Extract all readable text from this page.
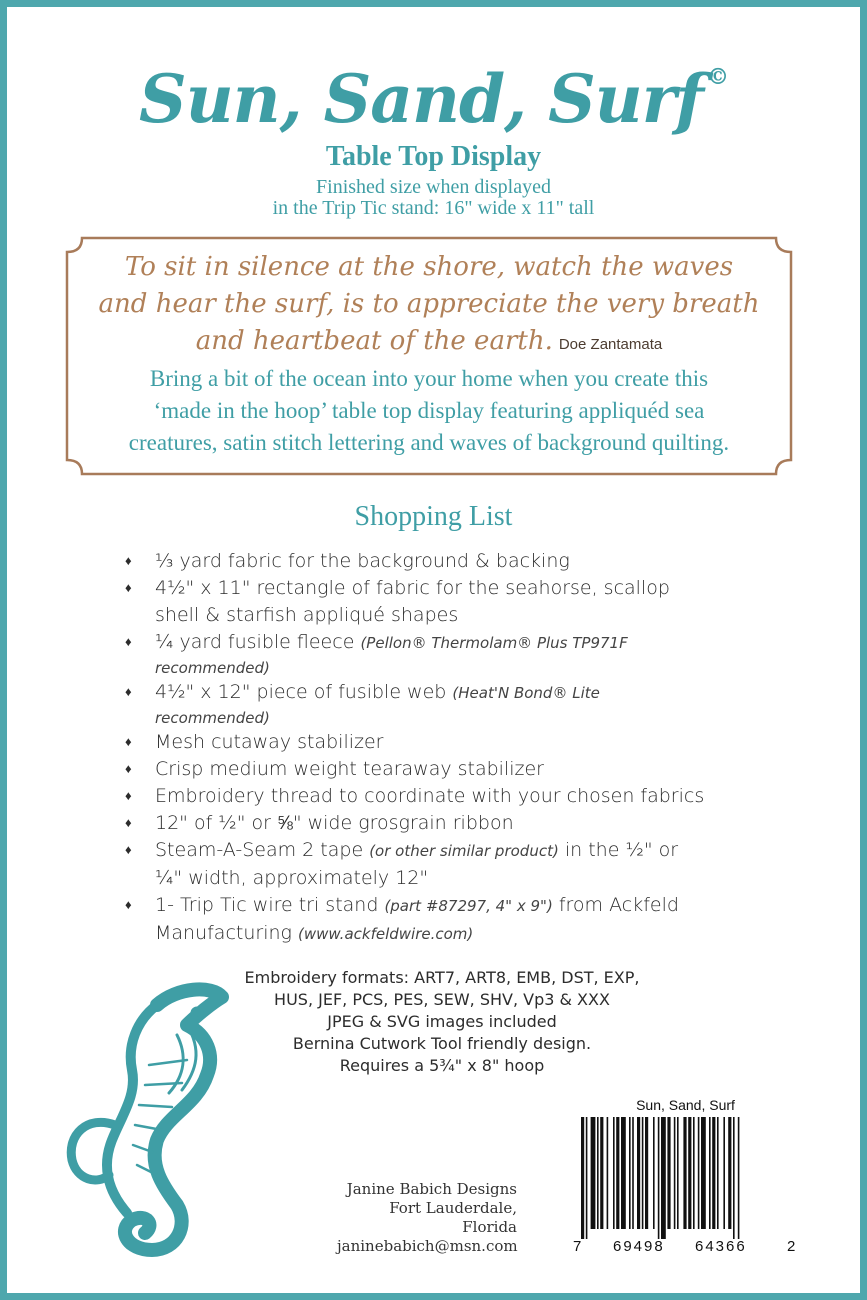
Sun, Sand, Surf ©
Table Top Display
Finished size when displayed
in the Trip Tic stand: 16" wide x 11" tall
To sit in silence at the shore, watch the waves
and hear the surf, is to appreciate the very breath
and heartbeat of the earth. Doe Zantamata
Bring a bit of the ocean into your home when you create this
‘made in the hoop’ table top display featuring appliquéd sea
creatures, satin stitch lettering and waves of background quilting.
Shopping List
♦ ⅓ yard fabric for the background & backing
♦ 4½" x 11" rectangle of fabric for the seahorse, scallop
shell & starfish appliqué shapes
♦ ¼ yard fusible fleece (Pellon® Thermolam® Plus TP971F
recommended)
♦ 4½" x 12" piece of fusible web (Heat'N Bond® Lite
recommended)
♦ Mesh cutaway stabilizer
♦ Crisp medium weight tearaway stabilizer
♦ Embroidery thread to coordinate with your chosen fabrics
♦ 12" of ½" or ⅝" wide grosgrain ribbon
♦ Steam-A-Seam 2 tape (or other similar product) in the ½" or
¼" width, approximately 12"
♦ 1- Trip Tic wire tri stand (part #87297, 4" x 9") from Ackfeld
Manufacturing (www.ackfeldwire.com)
Embroidery formats: ART7, ART8, EMB, DST, EXP,
HUS, JEF, PCS, PES, SEW, SHV, Vp3 & XXX
JPEG & SVG images included
Bernina Cutwork Tool friendly design.
Requires a 5¾" x 8" hoop
Janine Babich Designs
Fort Lauderdale, Florida
janinebabich@msn.com
Sun, Sand, Surf
7 69498 64366	2
